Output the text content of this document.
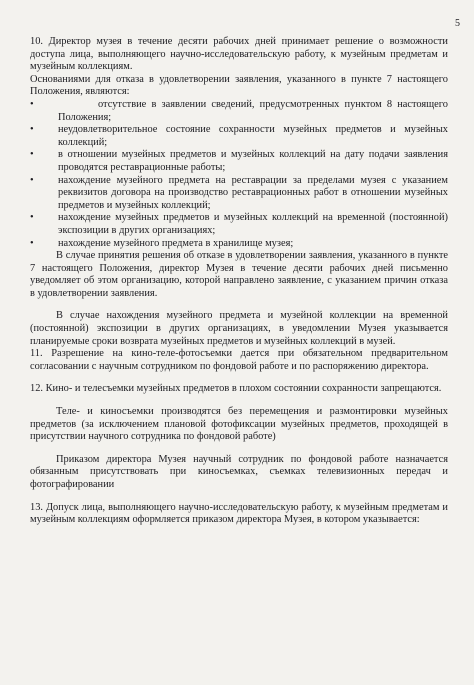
5

10. Директор музея в течение десяти рабочих дней принимает решение о возможности доступа лица, выполняющего научно-исследовательскую работу, к музейным предметам и музейным коллекциям.

Основаниями для отказа в удовлетворении заявления, указанного в пункте 7 настоящего Положения, являются:

•	отсутствие в заявлении сведений, предусмотренных пунктом 8 настоящего Положения;
•	неудовлетворительное состояние сохранности музейных предметов и музейных коллекций;
•	в отношении музейных предметов и музейных коллекций на дату подачи заявления проводятся реставрационные работы;
•	нахождение музейного предмета на реставрации за пределами музея с указанием реквизитов договора на производство реставрационных работ в отношении музейных предметов и музейных коллекций;
•	нахождение музейных предметов и музейных коллекций на временной (постоянной) экспозиции в других организациях;
•	нахождение музейного предмета в хранилище музея;

В случае принятия решения об отказе в удовлетворении заявления, указанного в пункте 7 настоящего Положения, директор Музея в течение десяти рабочих дней письменно уведомляет об этом организацию, которой направлено заявление, с указанием причин отказа в удовлетворении заявления.

В случае нахождения музейного предмета и музейной коллекции на временной (постоянной) экспозиции в других организациях, в уведомлении Музея указывается планируемые сроки возврата музейных предметов и музейных коллекций в музей.

11. Разрешение на кино-теле-фотосъемки дается при обязательном предварительном согласовании с научным сотрудником по фондовой работе и по распоряжению директора.

12. Кино- и телесъемки музейных предметов в плохом состоянии сохранности запрещаются.

Теле- и киносъемки производятся без перемещения и размонтировки музейных предметов (за исключением плановой фотофиксации музейных предметов, проходящей в присутствии научного сотрудника по фондовой работе)

Приказом директора Музея научный сотрудник по фондовой работе назначается обязанным присутствовать при киносъемках, съемках телевизионных передач и фотографировании

13. Допуск лица, выполняющего научно-исследовательскую работу, к музейным предметам и музейным коллекциям оформляется приказом директора Музея, в котором указывается:
